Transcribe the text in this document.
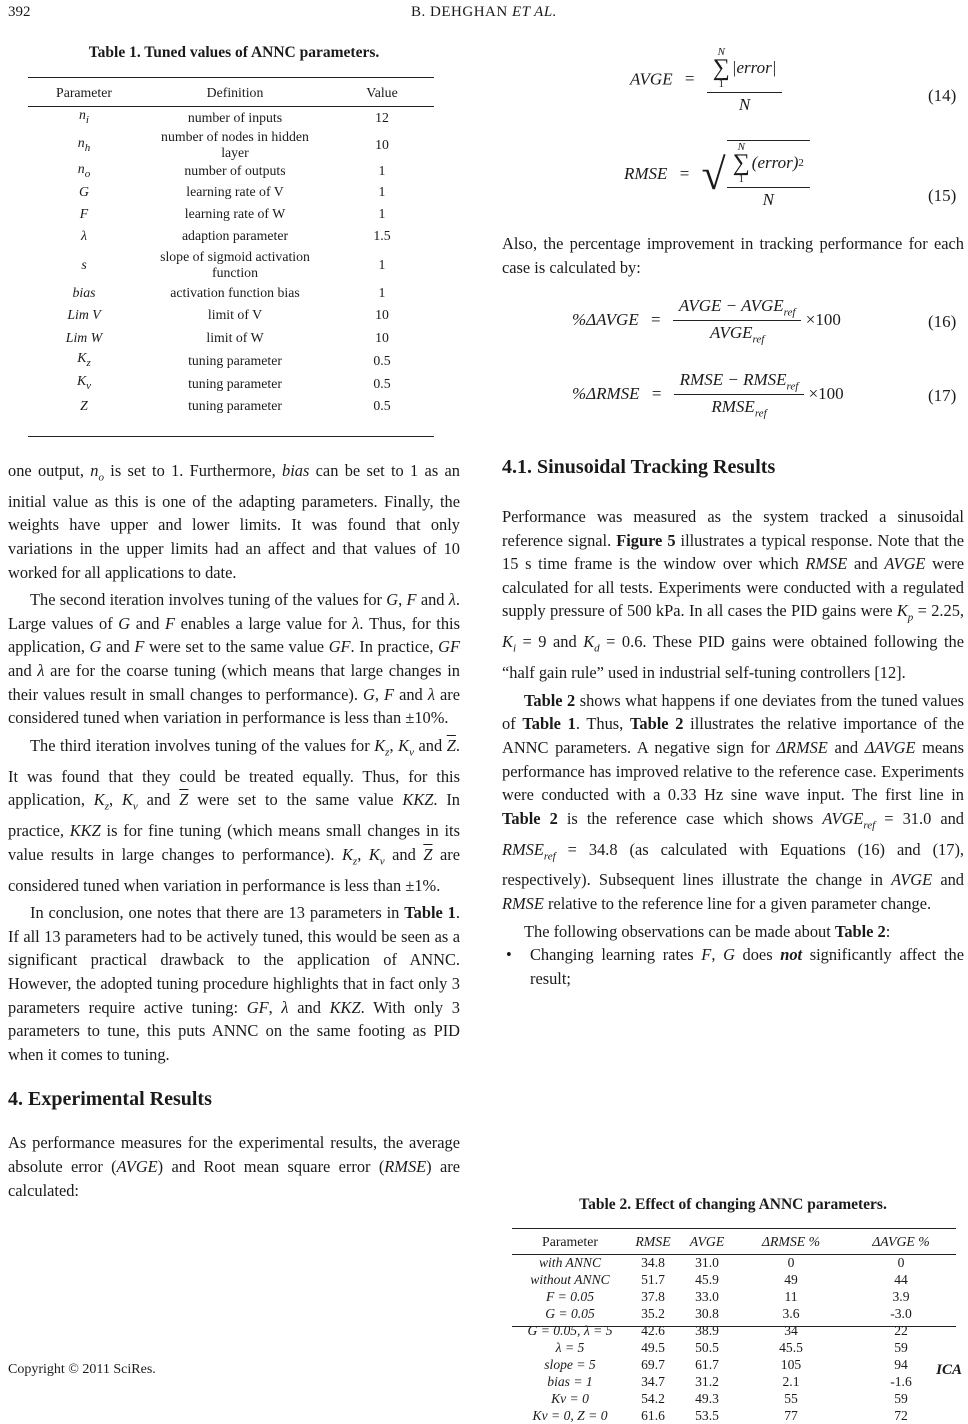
392	B. DEHGHAN ET AL.
Table 1. Tuned values of ANNC parameters.
Parameter	Definition	Value
$n_i$	number of inputs	12
$n_h$	number of nodes in hidden layer	10
$n_o$	number of outputs	1
G	learning rate of V	1
F	learning rate of W	1
λ	adaption parameter	1.5
s	slope of sigmoid activation function	1
bias	activation function bias	1
Lim V	limit of V	10
Lim W	limit of W	10
$K_z$	tuning parameter	0.5
$K_v$	tuning parameter	0.5
Z	tuning parameter	0.5

one output, $n_o$ is set to 1. Furthermore, bias can be set to 1 as an initial value as this is one of the adapting parameters. Finally, the weights have upper and lower limits. It was found that only variations in the upper limits had an affect and that values of 10 worked for all applications to date.

The second iteration involves tuning of the values for G, F and λ. Large values of G and F enables a large value for λ. Thus, for this application, G and F were set to the same value GF. In practice, GF and λ are for the coarse tuning (which means that large changes in their values result in small changes to performance). G, F and λ are considered tuned when variation in performance is less than ±10%.

The third iteration involves tuning of the values for $K_z$, $K_v$ and $\overline{Z}$. It was found that they could be treated equally. Thus, for this application, $K_z$, $K_v$ and $\overline{Z}$ were set to the same value KKZ. In practice, KKZ is for fine tuning (which means small changes in its value results in large changes to performance). $K_z$, $K_v$ and $\overline{Z}$ are considered tuned when variation in performance is less than ±1%.

In conclusion, one notes that there are 13 parameters in Table 1. If all 13 parameters had to be actively tuned, this would be seen as a significant practical drawback to the application of ANNC. However, the adopted tuning procedure highlights that in fact only 3 parameters require active tuning: GF, λ and KKZ. With only 3 parameters to tune, this puts ANNC on the same footing as PID when it comes to tuning.

4. Experimental Results

As performance measures for the experimental results, the average absolute error (AVGE) and Root mean square error (RMSE) are calculated:

AVGE = N
∑
1
|error|
N	(14)
RMSE = √ N
∑
1
(error) 2
N	(15)

Also, the percentage improvement in tracking performance for each case is calculated by:

%ΔAVGE = $\frac{AVGE - AVGE_{ref}}{AVGE_{ref}} \times 100$	(16)
%ΔRMSE = $\frac{RMSE - RMSE_{ref}}{RMSE_{ref}} \times 100$	(17)
4.1. Sinusoidal Tracking Results

Performance was measured as the system tracked a sinusoidal reference signal. Figure 5 illustrates a typical response. Note that the 15 s time frame is the window over which RMSE and AVGE were calculated for all tests. Experiments were conducted with a regulated supply pressure of 500 kPa. In all cases the PID gains were $K_p = 2.25$, $K_i = 9$ and $K_d = 0.6$. These PID gains were obtained following the “half gain rule” used in industrial self-tuning controllers [12].

Table 2 shows what happens if one deviates from the tuned values of Table 1. Thus, Table 2 illustrates the relative importance of the ANNC parameters. A negative sign for ΔRMSE and ΔAVGE means performance has improved relative to the reference case. Experiments were conducted with a 0.33 Hz sine wave input. The first line in Table 2 is the reference case which shows $AVGE_{ref} = 31.0$ and $RMSE_{ref} = 34.8$ (as calculated with Equations (16) and (17), respectively). Subsequent lines illustrate the change in AVGE and RMSE relative to the reference line for a given parameter change.

The following observations can be made about Table 2:

• Changing learning rates F, G does not significantly affect the result;
Table 2. Effect of changing ANNC parameters.
Parameter	RMSE	AVGE	ΔRMSE %	ΔAVGE %
with ANNC	34.8	31.0	0	0
without ANNC	51.7	45.9	49	44
F = 0.05	37.8	33.0	11	3.9
G = 0.05	35.2	30.8	3.6	-3.0
G = 0.05, λ = 5	42.6	38.9	34	22
λ = 5	49.5	50.5	45.5	59
slope = 5	69.7	61.7	105	94
bias = 1	34.7	31.2	2.1	-1.6
Kv = 0	54.2	49.3	55	59
Kv = 0, Z = 0	61.6	53.5	77	72
Copyright © 2011 SciRes.	ICA
